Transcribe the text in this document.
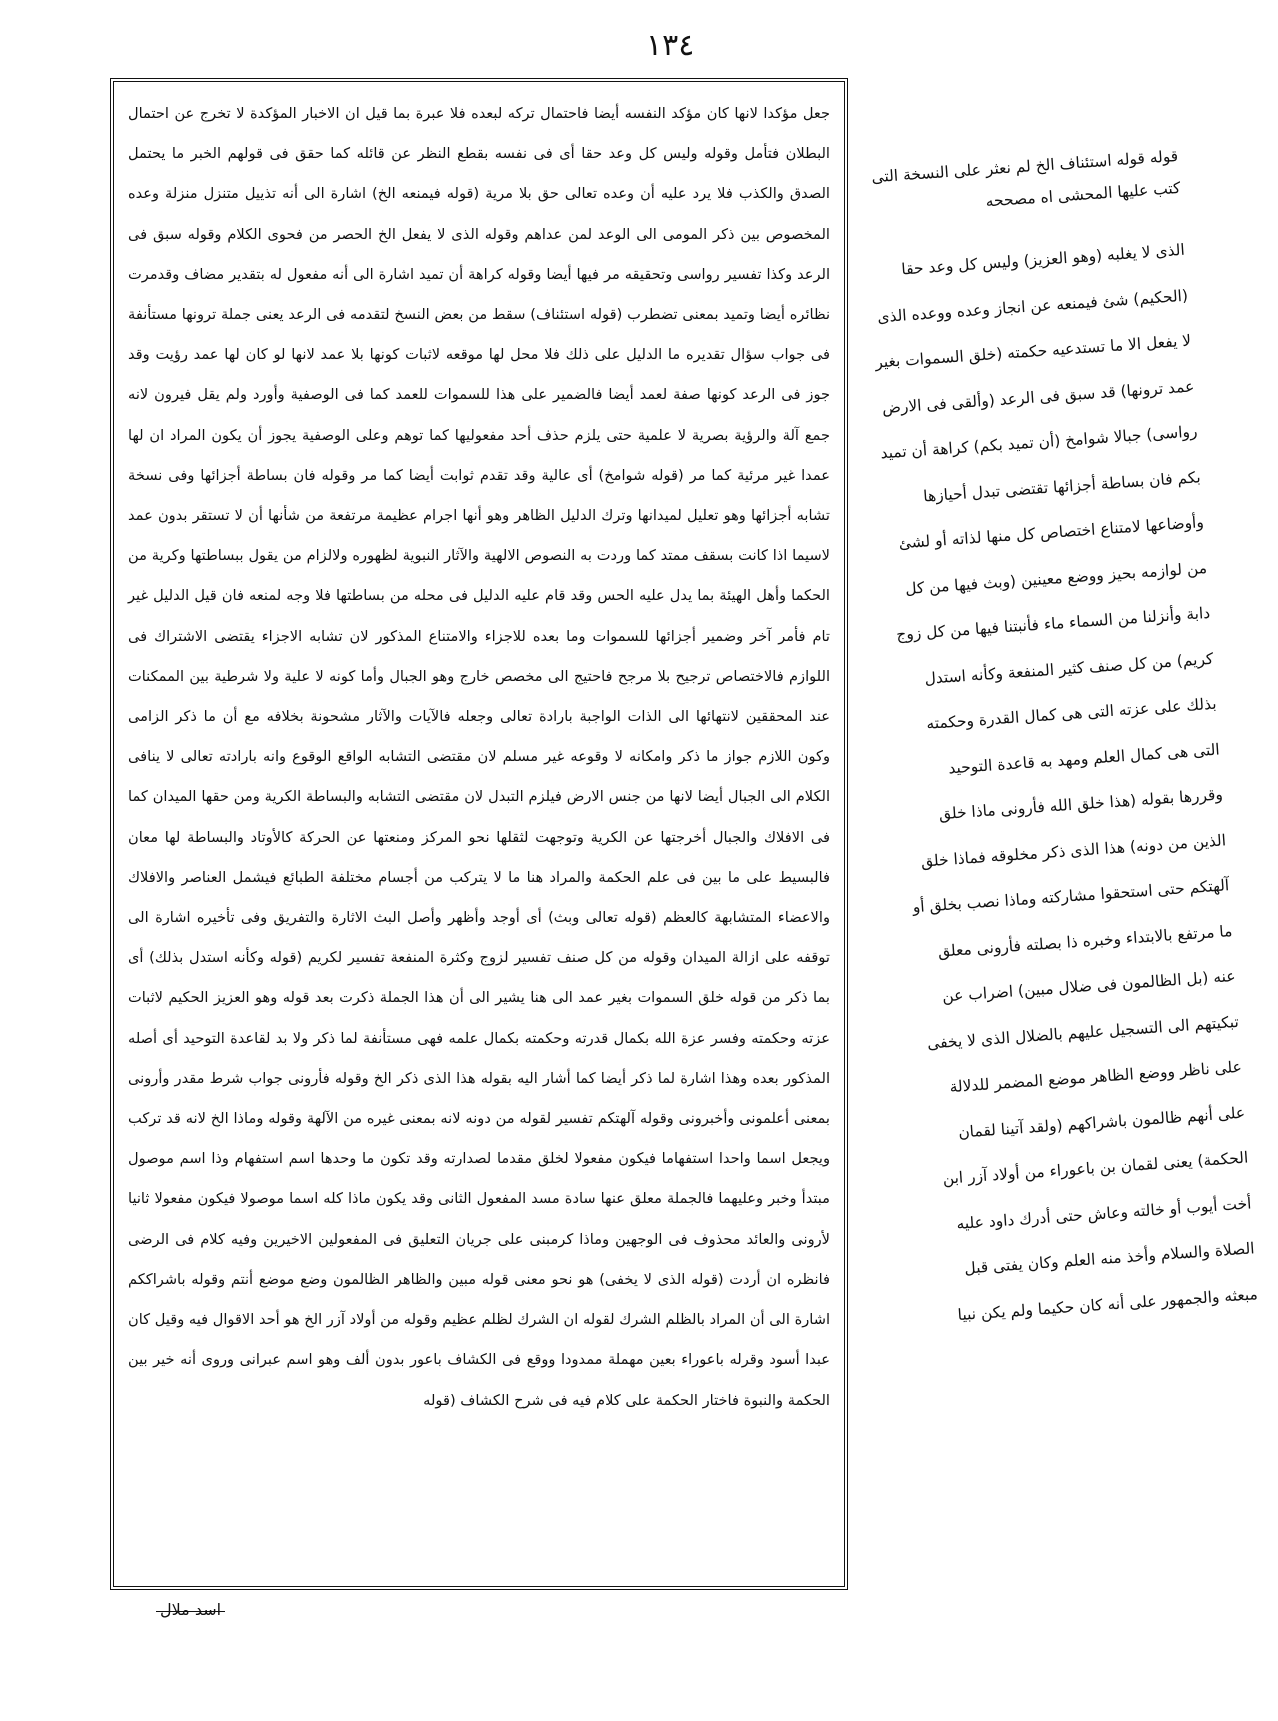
١٣٤

جعل مؤكدا لانها كان مؤكد النفسه أيضا فاحتمال تركه لبعده فلا عبرة بما قيل ان الاخبار المؤكدة لا تخرج عن احتمال البطلان فتأمل وقوله وليس كل وعد حقا أى فى نفسه بقطع النظر عن قائله كما حقق فى قولهم الخبر ما يحتمل الصدق والكذب فلا يرد عليه أن وعده تعالى حق بلا مرية (قوله فيمنعه الخ) اشارة الى أنه تذييل متنزل منزلة وعده المخصوص بين ذكر المومى الى الوعد لمن عداهم وقوله الذى لا يفعل الخ الحصر من فحوى الكلام وقوله سبق فى الرعد وكذا تفسير رواسى وتحقيقه مر فيها أيضا وقوله كراهة أن تميد اشارة الى أنه مفعول له بتقدير مضاف وقدمرت نظائره أيضا وتميد بمعنى تضطرب (قوله استئناف) سقط من بعض النسخ لتقدمه فى الرعد يعنى جملة ترونها مستأنفة فى جواب سؤال تقديره ما الدليل على ذلك فلا محل لها موقعه لاثبات كونها بلا عمد لانها لو كان لها عمد رؤيت وقد جوز فى الرعد كونها صفة لعمد أيضا فالضمير على هذا للسموات للعمد كما فى الوصفية وأورد ولم يقل فيرون لانه جمع آلة والرؤية بصرية لا علمية حتى يلزم حذف أحد مفعوليها كما توهم وعلى الوصفية يجوز أن يكون المراد ان لها عمدا غير مرئية كما مر (قوله شوامخ) أى عالية وقد تقدم ثوابت أيضا كما مر وقوله فان بساطة أجزائها وفى نسخة تشابه أجزائها وهو تعليل لميدانها وترك الدليل الظاهر وهو أنها اجرام عظيمة مرتفعة من شأنها أن لا تستقر بدون عمد لاسيما اذا كانت بسقف ممتد كما وردت به النصوص الالهية والآثار النبوية لظهوره ولالزام من يقول ببساطتها وكرية من الحكما وأهل الهيئة بما يدل عليه الحس وقد قام عليه الدليل فى محله من بساطتها فلا وجه لمنعه فان قيل الدليل غير تام فأمر آخر وضمير أجزائها للسموات وما بعده للاجزاء والامتناع المذكور لان تشابه الاجزاء يقتضى الاشتراك فى اللوازم فالاختصاص ترجيح بلا مرجح فاحتيج الى مخصص خارج وهو الجبال وأما كونه لا علية ولا شرطية بين الممكنات عند المحققين لانتهائها الى الذات الواجبة بارادة تعالى وجعله فالآيات والآثار مشحونة بخلافه مع أن ما ذكر الزامى وكون اللازم جواز ما ذكر وامكانه لا وقوعه غير مسلم لان مقتضى التشابه الواقع الوقوع وانه بارادته تعالى لا ينافى الكلام الى الجبال أيضا لانها من جنس الارض فيلزم التبدل لان مقتضى التشابه والبساطة الكرية ومن حقها الميدان كما فى الافلاك والجبال أخرجتها عن الكرية وتوجهت لثقلها نحو المركز ومنعتها عن الحركة كالأوتاد والبساطة لها معان فالبسيط على ما بين فى علم الحكمة والمراد هنا ما لا يتركب من أجسام مختلفة الطبائع فيشمل العناصر والافلاك والاعضاء المتشابهة كالعظم (قوله تعالى وبث) أى أوجد وأظهر وأصل البث الاثارة والتفريق وفى تأخيره اشارة الى توقفه على ازالة الميدان وقوله من كل صنف تفسير لزوج وكثرة المنفعة تفسير لكريم (قوله وكأنه استدل بذلك) أى بما ذكر من قوله خلق السموات بغير عمد الى هنا يشير الى أن هذا الجملة ذكرت بعد قوله وهو العزيز الحكيم لاثبات عزته وحكمته وفسر عزة الله بكمال قدرته وحكمته بكمال علمه فهى مستأنفة لما ذكر ولا بد لقاعدة التوحيد أى أصله المذكور بعده وهذا اشارة لما ذكر أيضا كما أشار اليه بقوله هذا الذى ذكر الخ وقوله فأرونى جواب شرط مقدر وأرونى بمعنى أعلمونى وأخبرونى وقوله آلهتكم تفسير لقوله من دونه لانه بمعنى غيره من الآلهة وقوله وماذا الخ لانه قد تركب ويجعل اسما واحدا استفهاما فيكون مفعولا لخلق مقدما لصدارته وقد تكون ما وحدها اسم استفهام وذا اسم موصول مبتدأ وخبر وعليهما فالجملة معلق عنها سادة مسد المفعول الثانى وقد يكون ماذا كله اسما موصولا فيكون مفعولا ثانيا لأرونى والعائد محذوف فى الوجهين وماذا كرمبنى على جريان التعليق فى المفعولين الاخيرين وفيه كلام فى الرضى فانظره ان أردت (قوله الذى لا يخفى) هو نحو معنى قوله مبين والظاهر الظالمون وضع موضع أنتم وقوله باشراككم اشارة الى أن المراد بالظلم الشرك لقوله ان الشرك لظلم عظيم وقوله من أولاد آزر الخ هو أحد الاقوال فيه وقيل كان عبدا أسود وقرله باعوراء بعين مهملة ممدودا ووقع فى الكشاف باعور بدون ألف وهو اسم عبرانى وروى أنه خير بين الحكمة والنبوة فاختار الحكمة على كلام فيه فى شرح الكشاف (قوله

قوله قوله استئناف الخ لم نعثر على النسخة التى كتب عليها المحشى اه مصححه

الذى لا يغلبه (وهو العزيز) وليس كل وعد حقا (الحكيم) شئ فيمنعه عن انجاز وعده ووعده الذى لا يفعل الا ما تستدعيه حكمته (خلق السموات بغير عمد ترونها) قد سبق فى الرعد (وألقى فى الارض رواسى) جبالا شوامخ (أن تميد بكم) كراهة أن تميد بكم فان بساطة أجزائها تقتضى تبدل أحيازها وأوضاعها لامتناع اختصاص كل منها لذاته أو لشئ من لوازمه بحيز ووضع معينين (وبث فيها من كل دابة وأنزلنا من السماء ماء فأنبتنا فيها من كل زوج كريم) من كل صنف كثير المنفعة وكأنه استدل بذلك على عزته التى هى كمال القدرة وحكمته التى هى كمال العلم ومهد به قاعدة التوحيد وقررها بقوله (هذا خلق الله فأرونى ماذا خلق الذين من دونه) هذا الذى ذكر مخلوقه فماذا خلق آلهتكم حتى استحقوا مشاركته وماذا نصب بخلق أو ما مرتفع بالابتداء وخبره ذا بصلته فأرونى معلق عنه (بل الظالمون فى ضلال مبين) اضراب عن تبكيتهم الى التسجيل عليهم بالضلال الذى لا يخفى على ناظر ووضع الظاهر موضع المضمر للدلالة على أنهم ظالمون باشراكهم (ولقد آتينا لقمان الحكمة) يعنى لقمان بن باعوراء من أولاد آزر ابن أخت أيوب أو خالته وعاش حتى أدرك داود عليه الصلاة والسلام وأخذ منه العلم وكان يفتى قبل مبعثه والجمهور على أنه كان حكيما ولم يكن نبيا

اسد ملال
